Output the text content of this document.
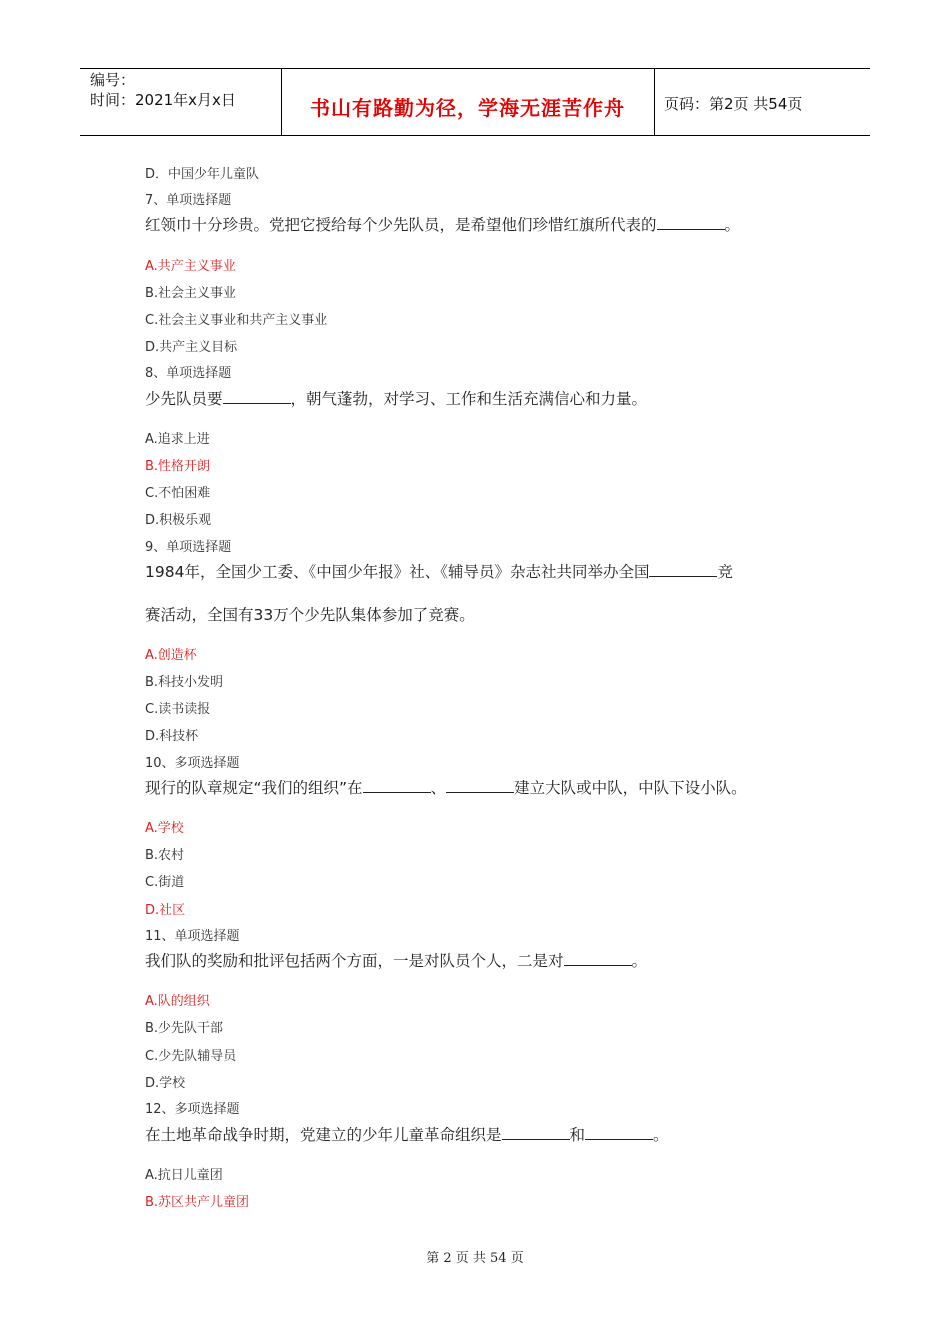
编号：
时间：2021年x月x日	书山有路勤为径，学海无涯苦作舟	页码：第2页 共54页
D．中国少年儿童队
7、单项选择题
红领巾十分珍贵。党把它授给每个少先队员，是希望他们珍惜红旗所代表的	。
A.共产主义事业
B.社会主义事业
C.社会主义事业和共产主义事业
D.共产主义目标
8、单项选择题
少先队员要	，朝气蓬勃，对学习、工作和生活充满信心和力量。
A.追求上进
B.性格开朗
C.不怕困难
D.积极乐观
9、单项选择题
1984年，全国少工委、《中国少年报》社、《辅导员》杂志社共同举办全国	竞
赛活动，全国有33万个少先队集体参加了竞赛。
A.创造杯
B.科技小发明
C.读书读报
D.科技杯
10、多项选择题
现行的队章规定“我们的组织”在	、	建立大队或中队，中队下设小队。
A.学校
B.农村
C.街道
D.社区
11、单项选择题
我们队的奖励和批评包括两个方面，一是对队员个人，二是对	。
A.队的组织
B.少先队干部
C.少先队辅导员
D.学校
12、多项选择题
在土地革命战争时期，党建立的少年儿童革命组织是	和	。
A.抗日儿童团
B.苏区共产儿童团
第 2 页 共 54 页
